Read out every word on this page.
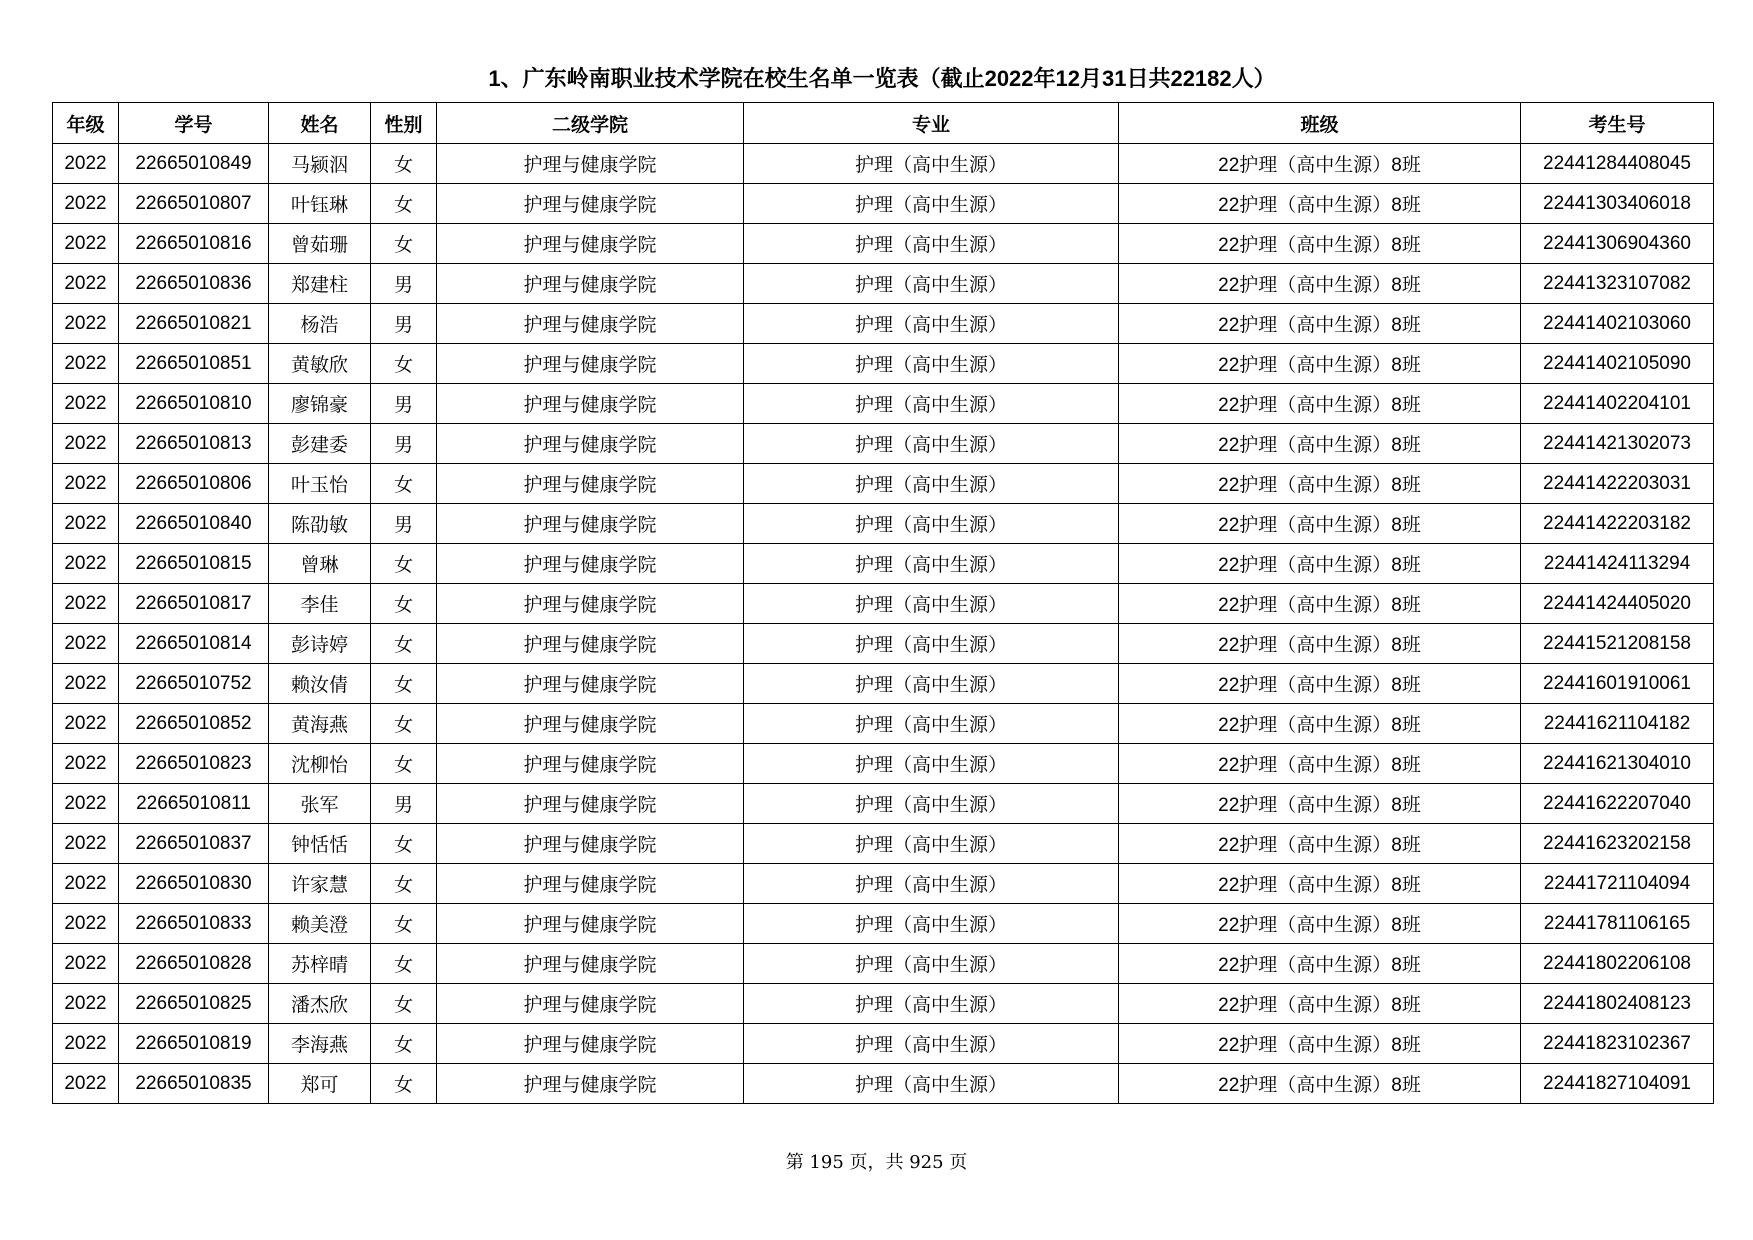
1、广东岭南职业技术学院在校生名单一览表（截止2022年12月31日共22182人）
年级	学号	姓名	性别	二级学院	专业	班级	考生号
2022	22665010849	马颍泅	女	护理与健康学院	护理（高中生源）	22护理（高中生源）8班	22441284408045
2022	22665010807	叶钰琳	女	护理与健康学院	护理（高中生源）	22护理（高中生源）8班	22441303406018
2022	22665010816	曾茹珊	女	护理与健康学院	护理（高中生源）	22护理（高中生源）8班	22441306904360
2022	22665010836	郑建柱	男	护理与健康学院	护理（高中生源）	22护理（高中生源）8班	22441323107082
2022	22665010821	杨浩	男	护理与健康学院	护理（高中生源）	22护理（高中生源）8班	22441402103060
2022	22665010851	黄敏欣	女	护理与健康学院	护理（高中生源）	22护理（高中生源）8班	22441402105090
2022	22665010810	廖锦豪	男	护理与健康学院	护理（高中生源）	22护理（高中生源）8班	22441402204101
2022	22665010813	彭建委	男	护理与健康学院	护理（高中生源）	22护理（高中生源）8班	22441421302073
2022	22665010806	叶玉怡	女	护理与健康学院	护理（高中生源）	22护理（高中生源）8班	22441422203031
2022	22665010840	陈劭敏	男	护理与健康学院	护理（高中生源）	22护理（高中生源）8班	22441422203182
2022	22665010815	曾琳	女	护理与健康学院	护理（高中生源）	22护理（高中生源）8班	22441424113294
2022	22665010817	李佳	女	护理与健康学院	护理（高中生源）	22护理（高中生源）8班	22441424405020
2022	22665010814	彭诗婷	女	护理与健康学院	护理（高中生源）	22护理（高中生源）8班	22441521208158
2022	22665010752	赖汝倩	女	护理与健康学院	护理（高中生源）	22护理（高中生源）8班	22441601910061
2022	22665010852	黄海燕	女	护理与健康学院	护理（高中生源）	22护理（高中生源）8班	22441621104182
2022	22665010823	沈柳怡	女	护理与健康学院	护理（高中生源）	22护理（高中生源）8班	22441621304010
2022	22665010811	张军	男	护理与健康学院	护理（高中生源）	22护理（高中生源）8班	22441622207040
2022	22665010837	钟恬恬	女	护理与健康学院	护理（高中生源）	22护理（高中生源）8班	22441623202158
2022	22665010830	许家慧	女	护理与健康学院	护理（高中生源）	22护理（高中生源）8班	22441721104094
2022	22665010833	赖美澄	女	护理与健康学院	护理（高中生源）	22护理（高中生源）8班	22441781106165
2022	22665010828	苏梓晴	女	护理与健康学院	护理（高中生源）	22护理（高中生源）8班	22441802206108
2022	22665010825	潘杰欣	女	护理与健康学院	护理（高中生源）	22护理（高中生源）8班	22441802408123
2022	22665010819	李海燕	女	护理与健康学院	护理（高中生源）	22护理（高中生源）8班	22441823102367
2022	22665010835	郑可	女	护理与健康学院	护理（高中生源）	22护理（高中生源）8班	22441827104091
第 195 页，共 925 页
